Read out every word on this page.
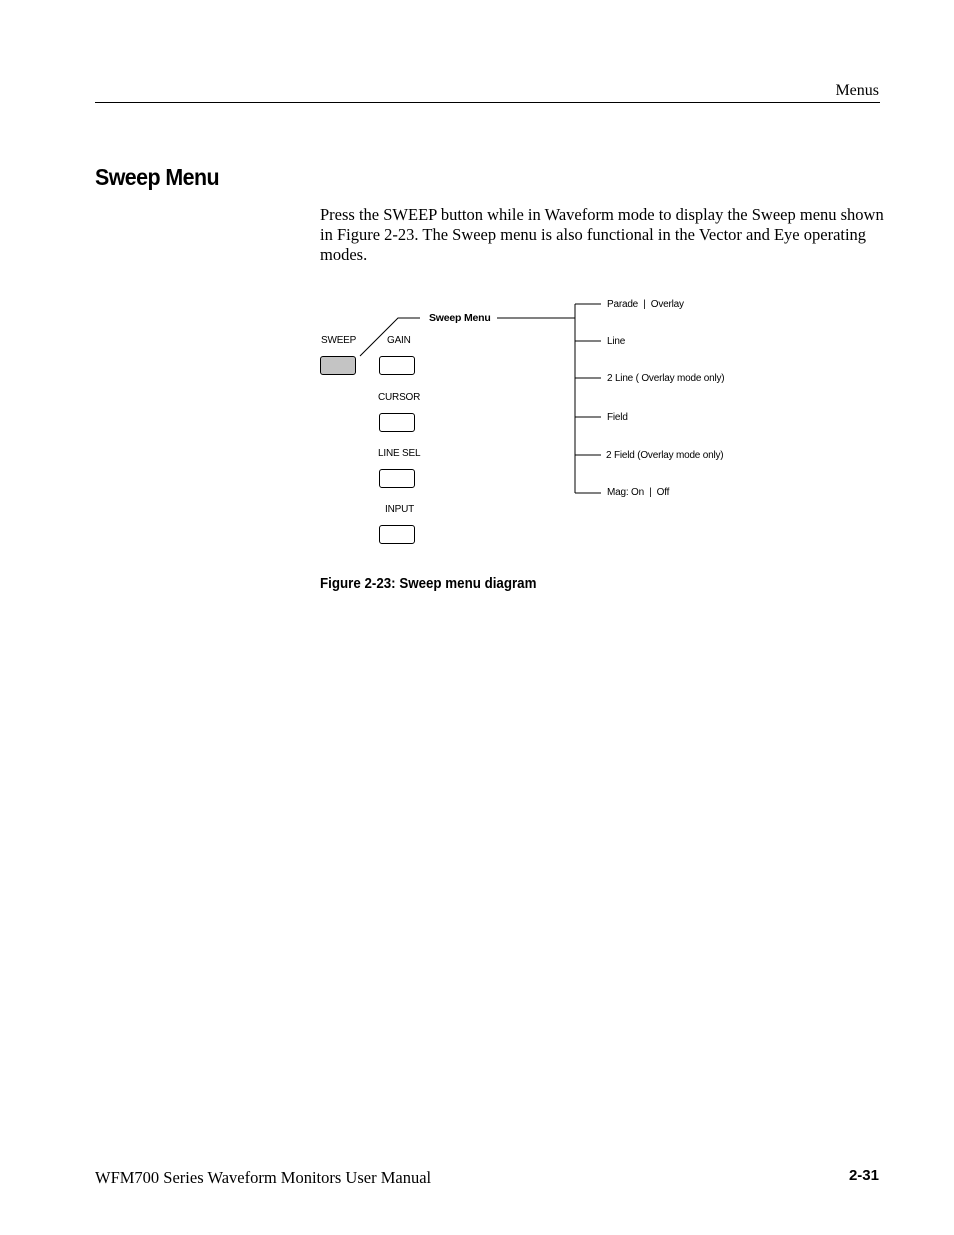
Menus
Sweep Menu
Press the SWEEP button while in Waveform mode to display the Sweep menu shown in Figure 2-23. The Sweep menu is also functional in the Vector and Eye operating modes.
SWEEP	GAIN
CURSOR
LINE SEL
INPUT
Sweep Menu
Parade  |  Overlay
Line
2 Line ( Overlay mode only)
Field
2 Field (Overlay mode only)
Mag: On  |  Off
Figure 2-23: Sweep menu diagram
WFM700 Series Waveform Monitors User Manual	2-31
